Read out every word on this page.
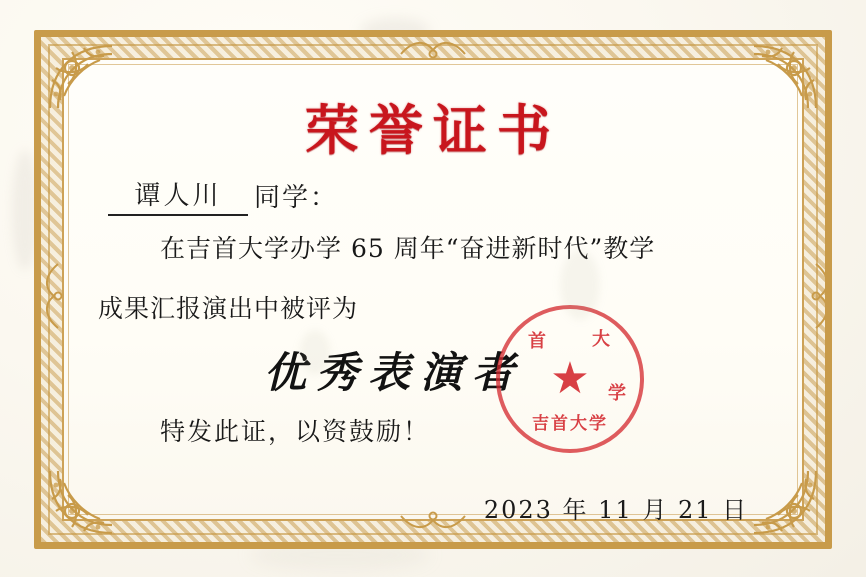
荣誉证书
谭人川	同学：
在吉首大学办学 65 周年“奋进新时代”教学
成果汇报演出中被评为
优秀表演者
特发此证，以资鼓励！
2023 年 11 月 21 日
首	大
学
★
吉首大学
